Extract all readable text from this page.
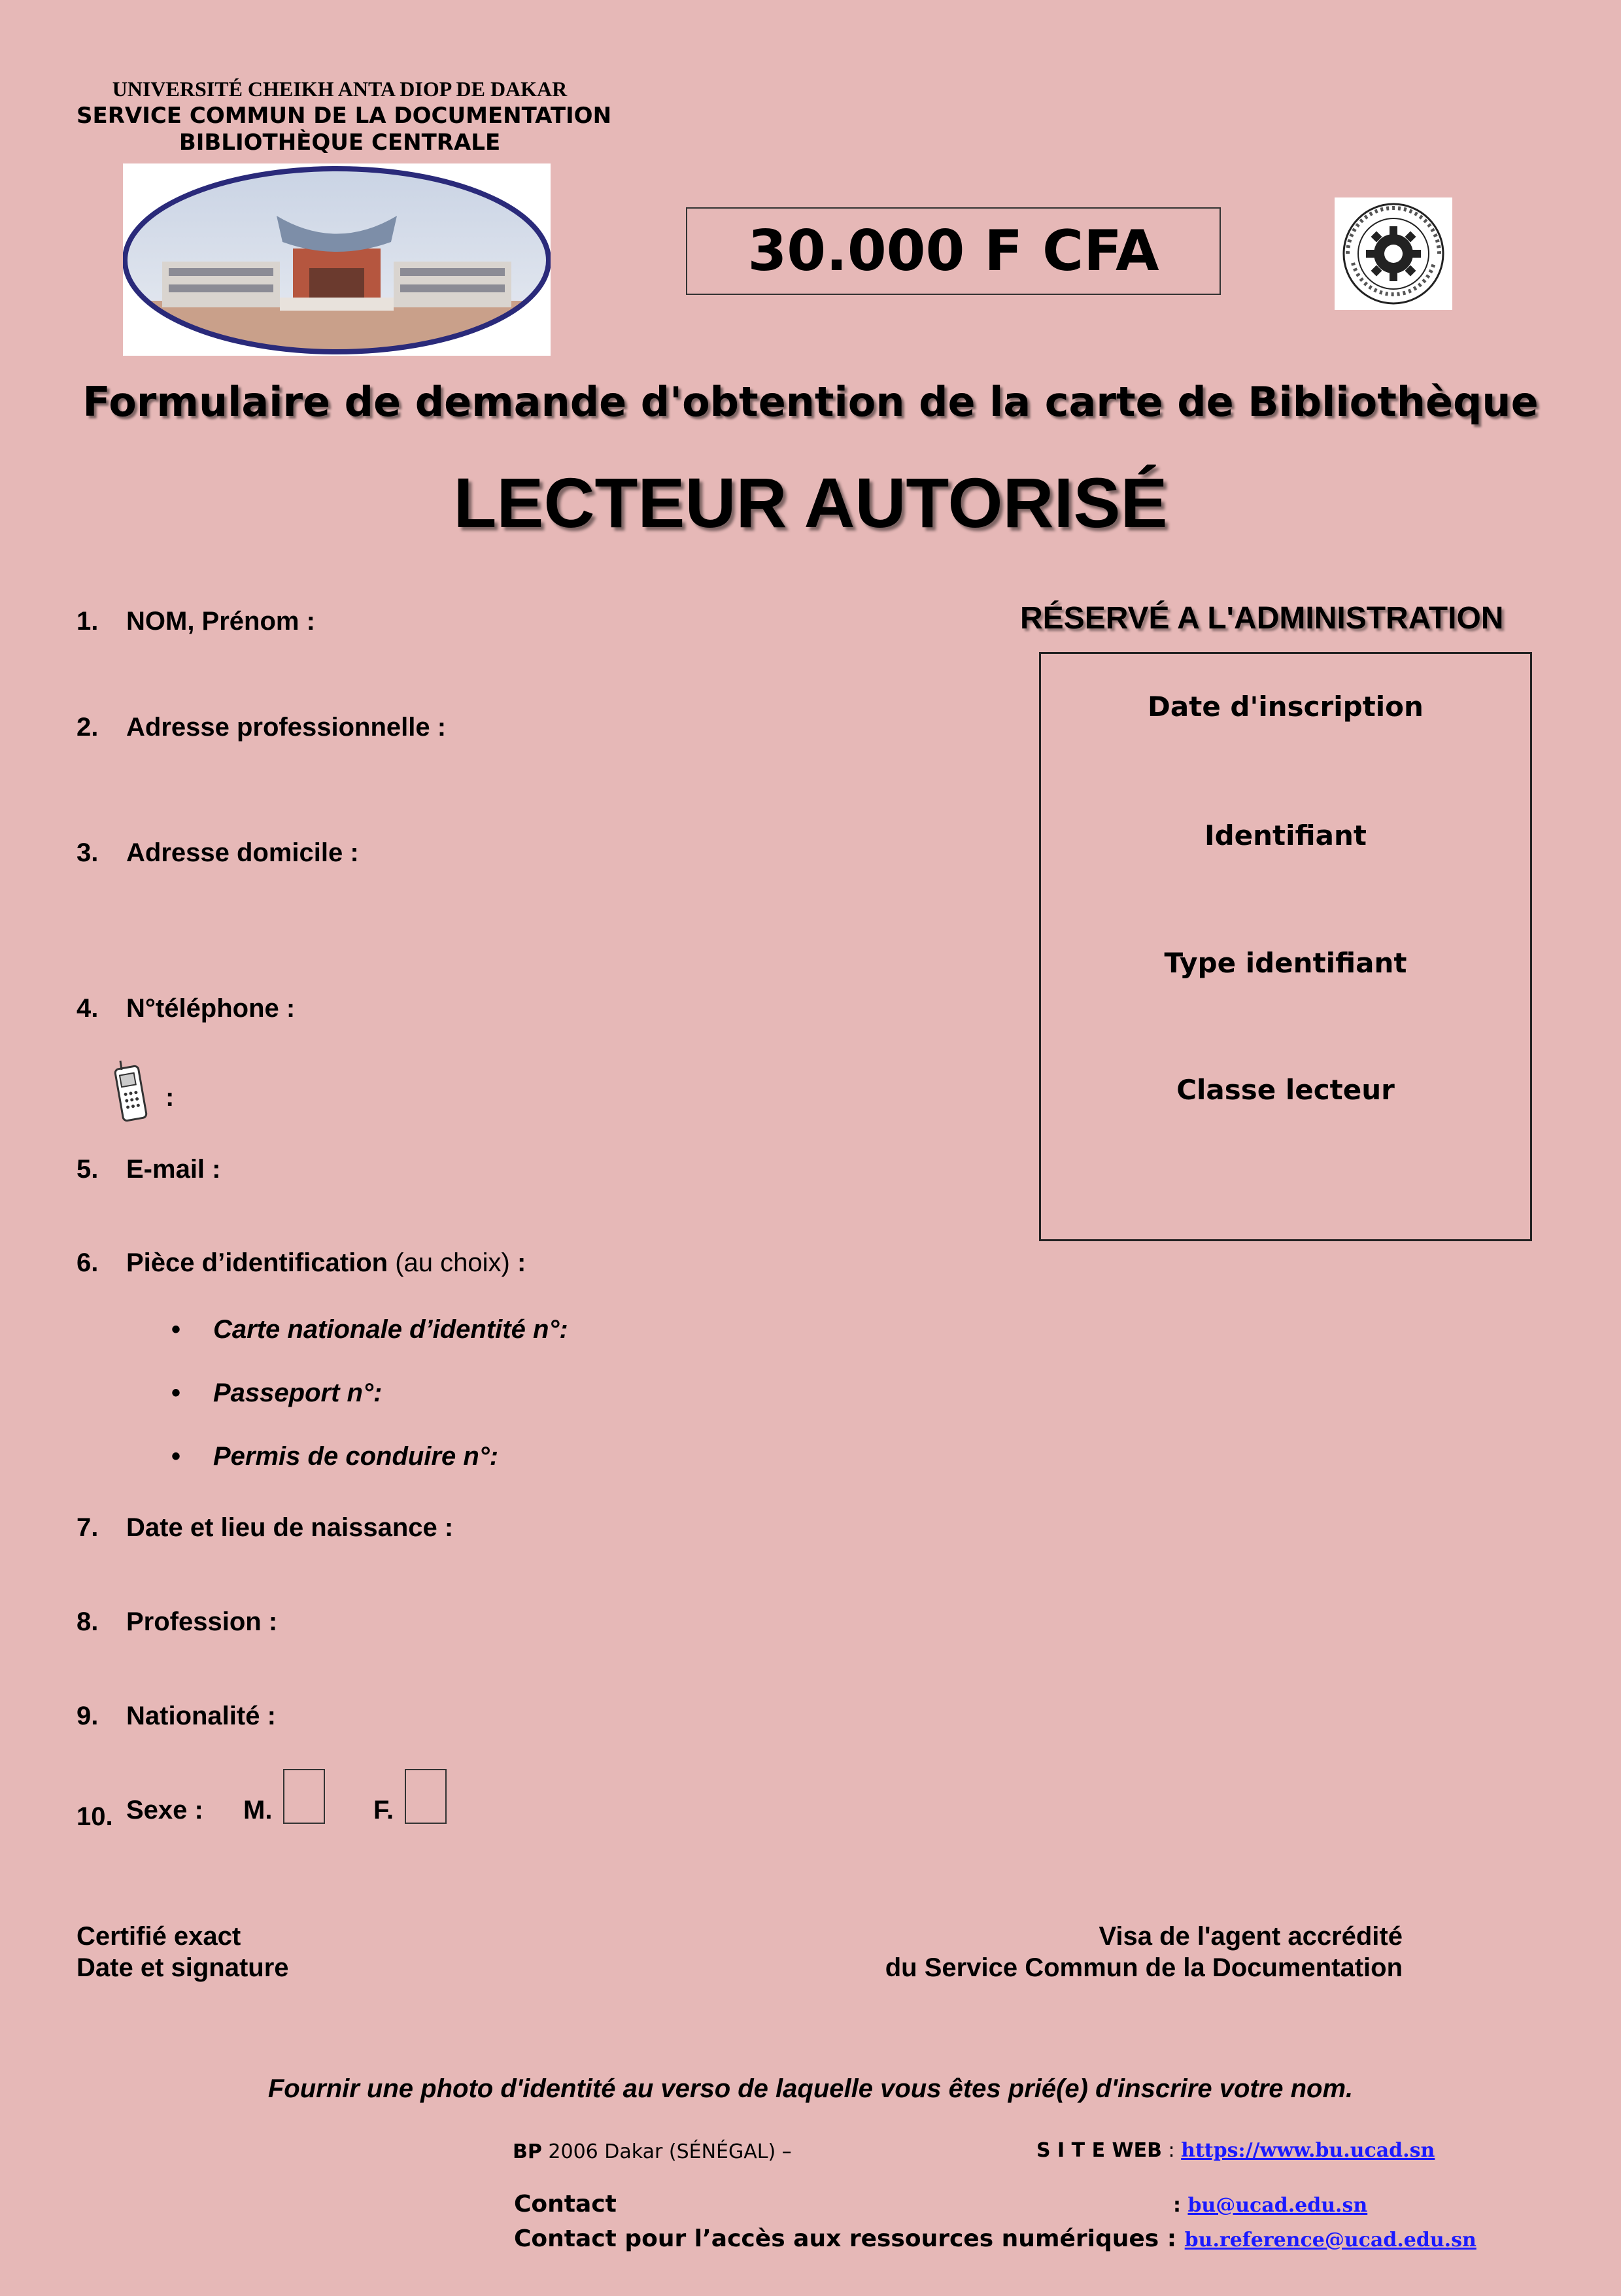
UNIVERSITÉ CHEIKH ANTA DIOP DE DAKAR
SERVICE COMMUN DE LA DOCUMENTATION
BIBLIOTHÈQUE CENTRALE
30.000 F CFA
Formulaire de demande d'obtention de la carte de Bibliothèque
LECTEUR AUTORISÉ
RÉSERVÉ A L'ADMINISTRATION
Date d'inscription
Identifiant
Type identifiant
Classe lecteur
1. NOM, Prénom :
2. Adresse professionnelle :
3. Adresse domicile :
4. N°téléphone :
:
5. E-mail :
6. Pièce d’identification (au choix) :
• Carte nationale d’identité n°:
• Passeport n°:
• Permis de conduire n°:
7. Date et lieu de naissance :
8. Profession :
9. Nationalité :
10. Sexe : M.	F.
Certifié exact
Date et signature
Visa de l'agent accrédité
du Service Commun de la Documentation
Fournir une photo d'identité au verso de laquelle vous êtes prié(e) d'inscrire votre nom.
BP 2006 Dakar (SÉNÉGAL) –	S I T E WEB : https://www.bu.ucad.sn
Contact	: bu@ucad.edu.sn
Contact pour l’accès aux ressources numériques : bu.reference@ucad.edu.sn
